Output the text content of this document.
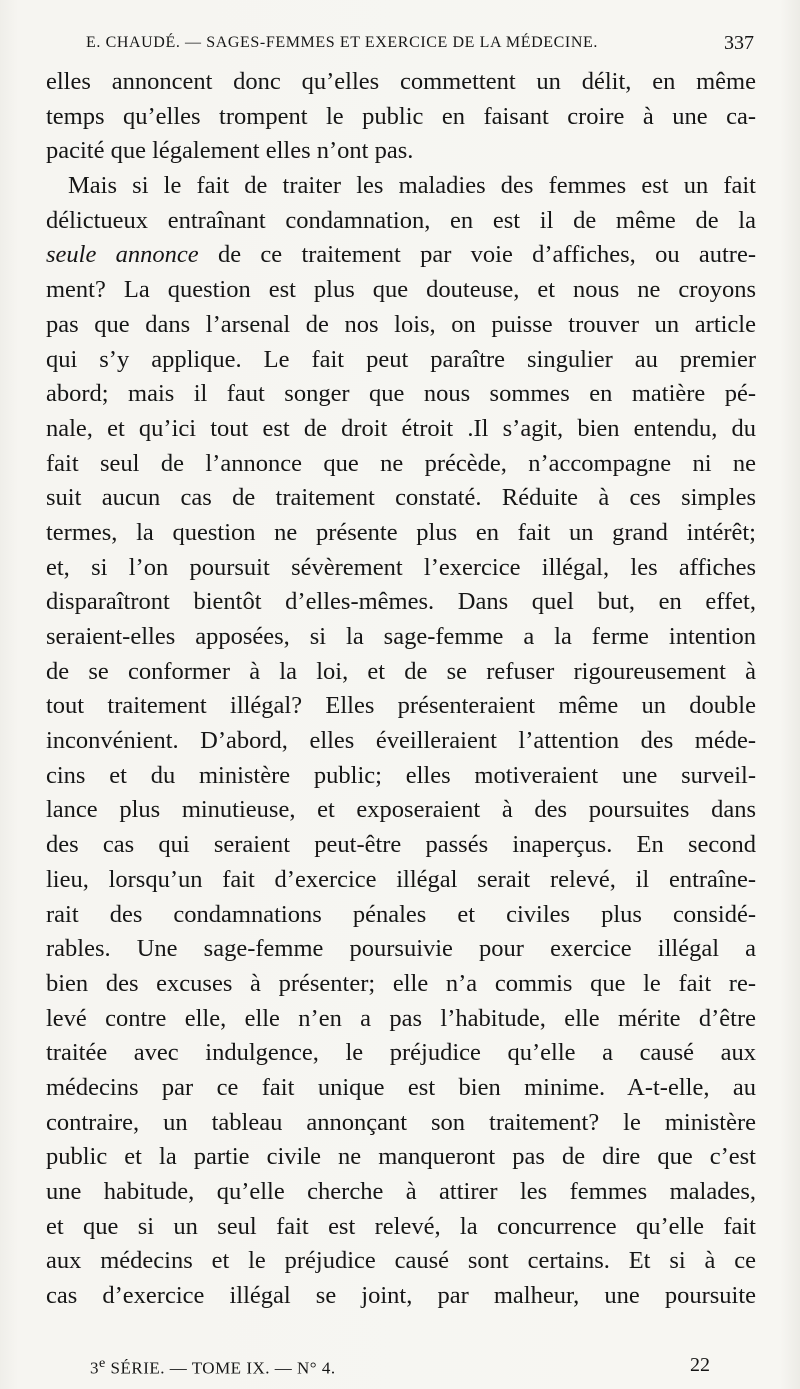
E. CHAUDÉ. — SAGES-FEMMES ET EXERCICE DE LA MÉDECINE.	337
elles annoncent donc qu’elles commettent un délit, en même
temps qu’elles trompent le public en faisant croire à une ca-
pacité que légalement elles n’ont pas.
Mais si le fait de traiter les maladies des femmes est un fait
délictueux entraînant condamnation, en est il de même de la
seule annonce de ce traitement par voie d’affiches, ou autre-
ment? La question est plus que douteuse, et nous ne croyons
pas que dans l’arsenal de nos lois, on puisse trouver un article
qui s’y applique. Le fait peut paraître singulier au premier
abord; mais il faut songer que nous sommes en matière pé-
nale, et qu’ici tout est de droit étroit .Il s’agit, bien entendu, du
fait seul de l’annonce que ne précède, n’accompagne ni ne
suit aucun cas de traitement constaté. Réduite à ces simples
termes, la question ne présente plus en fait un grand intérêt;
et, si l’on poursuit sévèrement l’exercice illégal, les affiches
disparaîtront bientôt d’elles-mêmes. Dans quel but, en effet,
seraient-elles apposées, si la sage-femme a la ferme intention
de se conformer à la loi, et de se refuser rigoureusement à
tout traitement illégal? Elles présenteraient même un double
inconvénient. D’abord, elles éveilleraient l’attention des méde-
cins et du ministère public; elles motiveraient une surveil-
lance plus minutieuse, et exposeraient à des poursuites dans
des cas qui seraient peut-être passés inaperçus. En second
lieu, lorsqu’un fait d’exercice illégal serait relevé, il entraîne-
rait des condamnations pénales et civiles plus considé-
rables. Une sage-femme poursuivie pour exercice illégal a
bien des excuses à présenter; elle n’a commis que le fait re-
levé contre elle, elle n’en a pas l’habitude, elle mérite d’être
traitée avec indulgence, le préjudice qu’elle a causé aux
médecins par ce fait unique est bien minime. A-t-elle, au
contraire, un tableau annonçant son traitement? le ministère
public et la partie civile ne manqueront pas de dire que c’est
une habitude, qu’elle cherche à attirer les femmes malades,
et que si un seul fait est relevé, la concurrence qu’elle fait
aux médecins et le préjudice causé sont certains. Et si à ce
cas d’exercice illégal se joint, par malheur, une poursuite
3e SÉRIE. — TOME IX. — N° 4.	22
